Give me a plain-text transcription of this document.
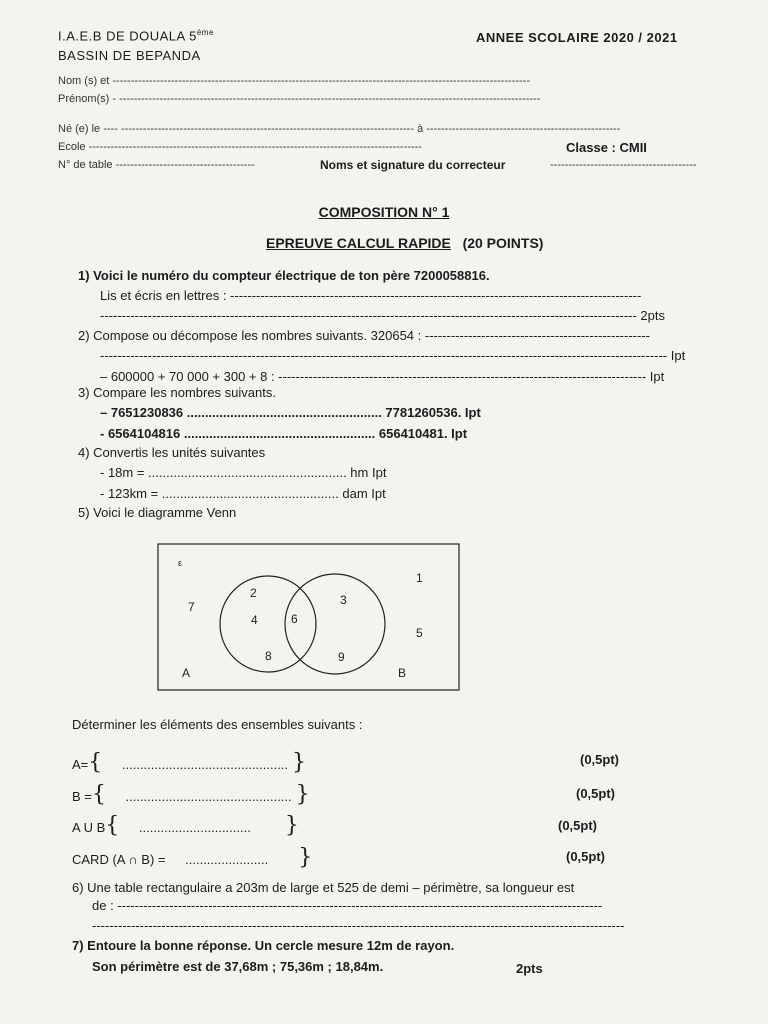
I.A.E.B DE DOUALA 5ème
BASSIN DE BEPANDA
ANNEE SCOLAIRE 2020 / 2021
Nom (s) et ------------------------------------------------------------------------------------------------------------------
Prénom(s) - -------------------------------------------------------------------------------------------------------------------
Né (e) le ---- -------------------------------------------------------------------------------- à -----------------------------------------------------
Ecole -------------------------------------------------------------------------------------------	Classe : CMII
N° de table --------------------------------------	Noms et signature du correcteur	----------------------------------------
COMPOSITION N° 1
EPREUVE CALCUL RAPIDE (20 POINTS)
1) Voici le numéro du compteur électrique de ton père 7200058816.
Lis et écris en lettres : -----------------------------------------------------------------------------------------------
---------------------------------------------------------------------------------------------------------------------------- 2pts
2) Compose ou décompose les nombres suivants. 320654 : ----------------------------------------------------
----------------------------------------------------------------------------------------------------------------------------------- Ipt
– 600000 + 70 000 + 300 + 8 : ------------------------------------------------------------------------------------- Ipt
3) Compare les nombres suivants.
– 7651230836 ...................................................... 7781260536. Ipt
- 6564104816 ..................................................... 656410481. Ipt
4) Convertis les unités suivantes
- 18m = ....................................................... hm Ipt
- 123km = ................................................. dam Ipt
5) Voici le diagramme Venn
ε
7
1
5
2
4
8
6
3
9
A	B
Déterminer les éléments des ensembles suivants :
A={ .............................................. }	(0,5pt)
B ={ .............................................. }	(0,5pt)
A U B{ ............................... }	(0,5pt)
CARD (A ∩ B) = ....................... }	(0,5pt)
6) Une table rectangulaire a 203m de large et 525 de demi – périmètre, sa longueur est
de : ----------------------------------------------------------------------------------------------------------------
---------------------------------------------------------------------------------------------------------------------------
7) Entoure la bonne réponse. Un cercle mesure 12m de rayon.
Son périmètre est de 37,68m ; 75,36m ; 18,84m.	2pts
